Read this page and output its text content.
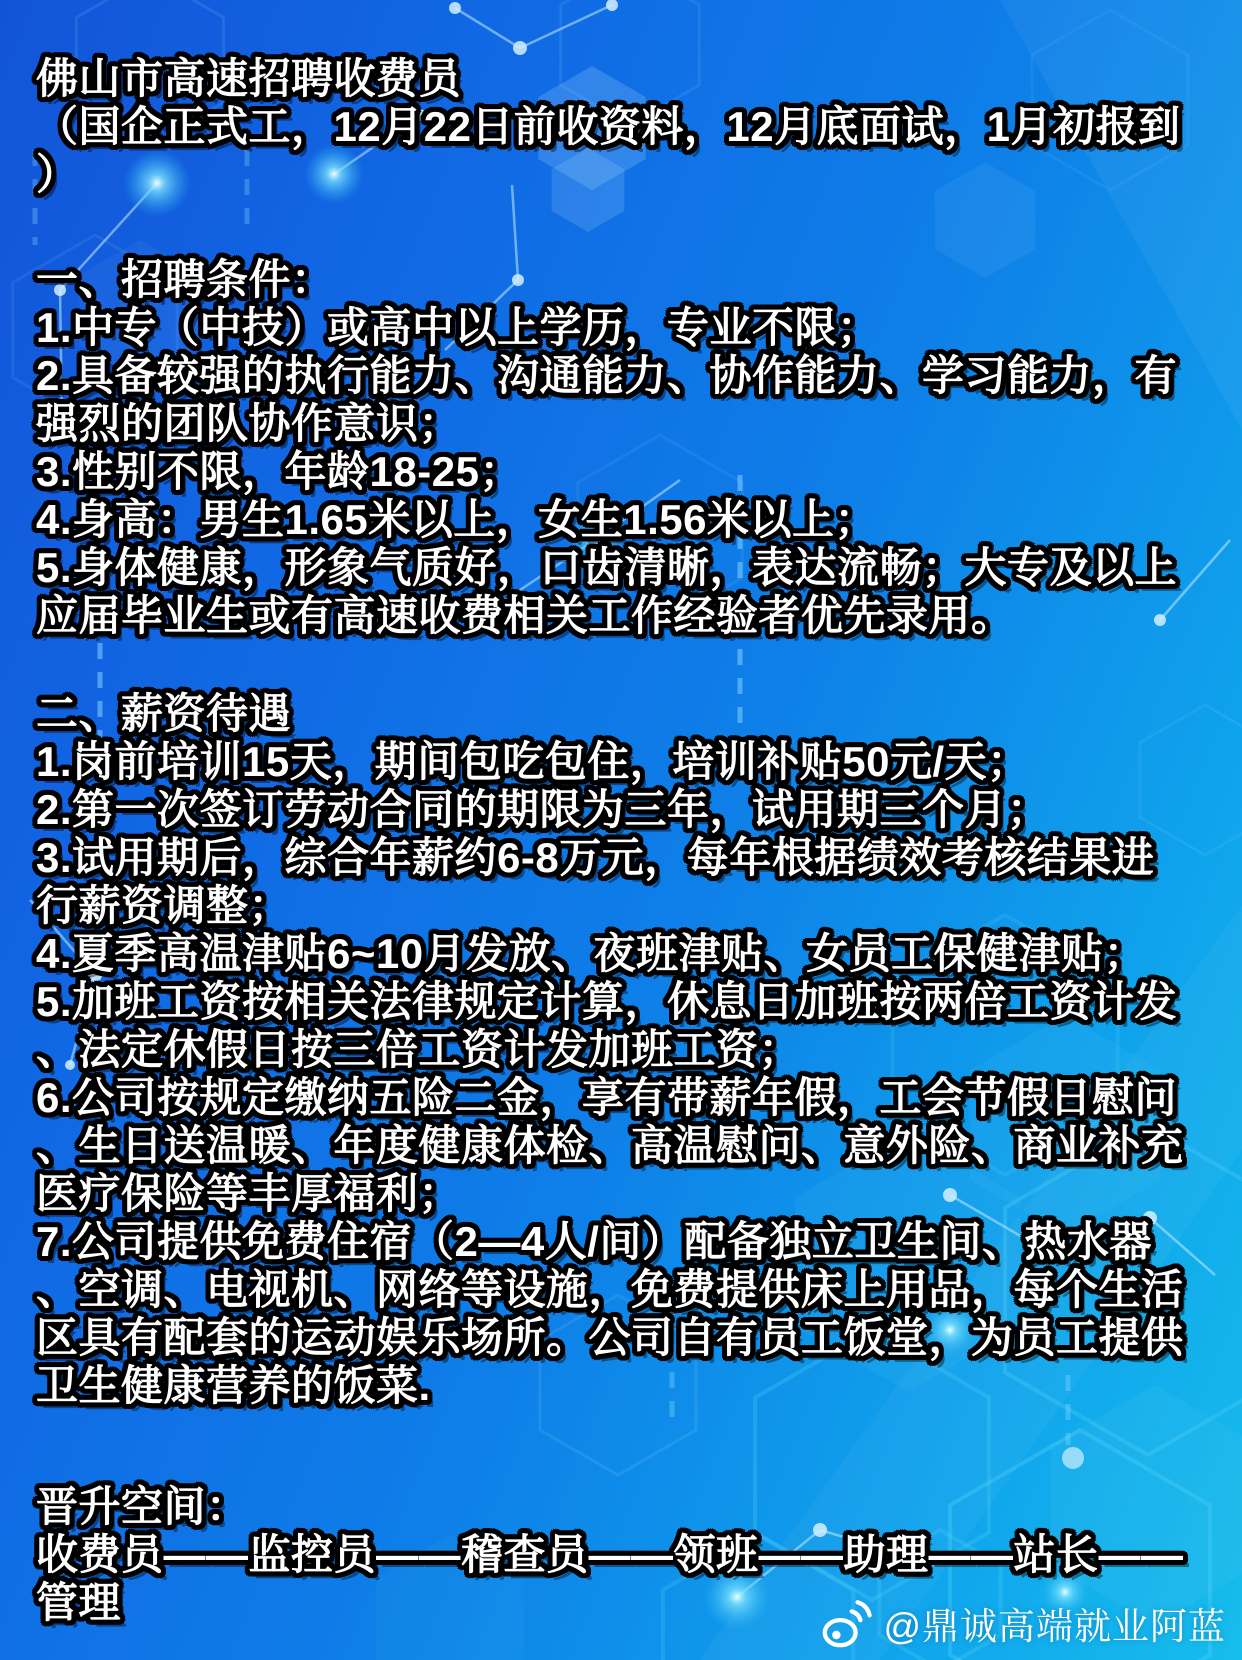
佛山市高速招聘收费员
（国企正式工，12月22日前收资料，12月底面试，1月初报到
）
一、招聘条件：
1.中专（中技）或高中以上学历，专业不限；
2.具备较强的执行能力、沟通能力、协作能力、学习能力，有
强烈的团队协作意识；
3.性别不限，年龄18-25；
4.身高：男生1.65米以上，女生1.56米以上；
5.身体健康，形象气质好，口齿清晰，表达流畅；大专及以上
应届毕业生或有高速收费相关工作经验者优先录用。
二、薪资待遇
1.岗前培训15天，期间包吃包住，培训补贴50元/天；
2.第一次签订劳动合同的期限为三年，试用期三个月；
3.试用期后，综合年薪约6-8万元，每年根据绩效考核结果进
行薪资调整；
4.夏季高温津贴6~10月发放、夜班津贴、女员工保健津贴；
5.加班工资按相关法律规定计算，休息日加班按两倍工资计发
、法定休假日按三倍工资计发加班工资；
6.公司按规定缴纳五险二金，享有带薪年假，工会节假日慰问
、生日送温暖、年度健康体检、高温慰问、意外险、商业补充
医疗保险等丰厚福利；
7.公司提供免费住宿（2—4人/间）配备独立卫生间、热水器
、空调、电视机、网络等设施，免费提供床上用品，每个生活
区具有配套的运动娱乐场所。公司自有员工饭堂，为员工提供
卫生健康营养的饭菜.
晋升空间：
收费员——监控员——稽查员——领班——助理——站长——
管理
@鼎诚高端就业阿蓝
